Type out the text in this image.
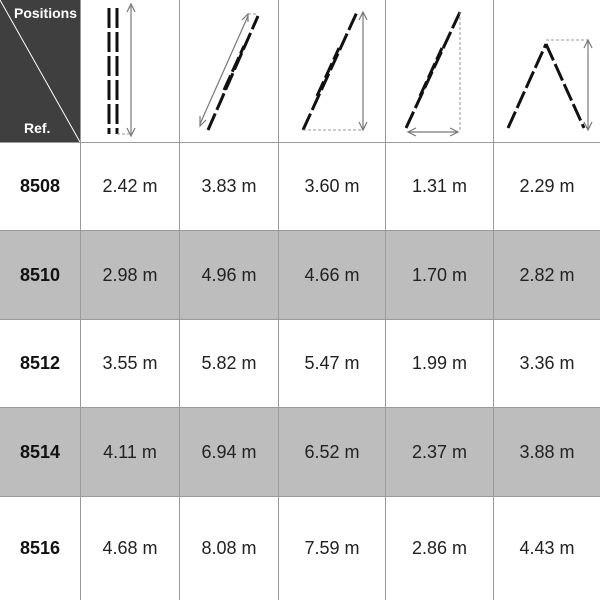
Positions
Ref.
8508	2.42 m	3.83 m	3.60 m	1.31 m	2.29 m
8510	2.98 m	4.96 m	4.66 m	1.70 m	2.82 m
8512	3.55 m	5.82 m	5.47 m	1.99 m	3.36 m
8514	4.11 m	6.94 m	6.52 m	2.37 m	3.88 m
8516	4.68 m	8.08 m	7.59 m	2.86 m	4.43 m
